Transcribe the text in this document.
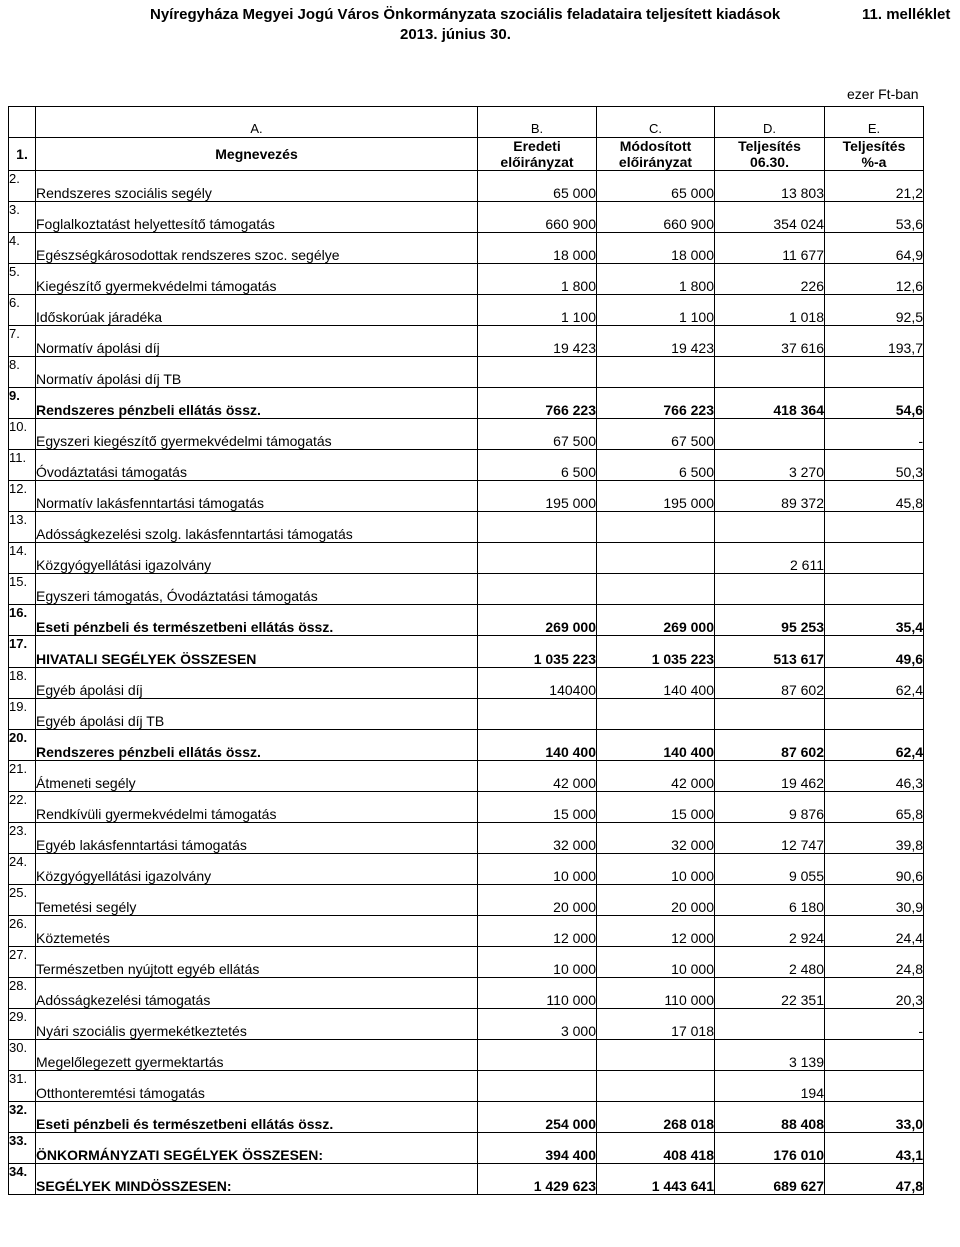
Nyíregyháza Megyei Jogú Város Önkormányzata szociális feladataira teljesített kiadások
2013. június 30.
11. melléklet
ezer Ft-ban
	A.	B.	C.	D.	E.
1.	Megnevezés	Eredeti előirányzat	Módosított előirányzat	Teljesítés 06.30.	Teljesítés %-a
2.	Rendszeres szociális segély	65 000	65 000	13 803	21,2
3.	Foglalkoztatást helyettesítő támogatás	660 900	660 900	354 024	53,6
4.	Egészségkárosodottak rendszeres szoc. segélye	18 000	18 000	11 677	64,9
5.	Kiegészítő gyermekvédelmi támogatás	1 800	1 800	226	12,6
6.	Időskorúak járadéka	1 100	1 100	1 018	92,5
7.	Normatív ápolási díj	19 423	19 423	37 616	193,7
8.	Normatív ápolási díj TB				
9.	Rendszeres pénzbeli ellátás össz.	766 223	766 223	418 364	54,6
10.	Egyszeri kiegészítő gyermekvédelmi támogatás	67 500	67 500		-
11.	Óvodáztatási támogatás	6 500	6 500	3 270	50,3
12.	Normatív lakásfenntartási támogatás	195 000	195 000	89 372	45,8
13.	Adósságkezelési szolg. lakásfenntartási támogatás				
14.	Közgyógyellátási igazolvány			2 611	
15.	Egyszeri támogatás, Óvodáztatási támogatás				
16.	Eseti pénzbeli és természetbeni ellátás össz.	269 000	269 000	95 253	35,4
17.	HIVATALI SEGÉLYEK ÖSSZESEN	1 035 223	1 035 223	513 617	49,6
18.	Egyéb ápolási díj	140400	140 400	87 602	62,4
19.	Egyéb ápolási díj TB				
20.	Rendszeres pénzbeli ellátás össz.	140 400	140 400	87 602	62,4
21.	Átmeneti segély	42 000	42 000	19 462	46,3
22.	Rendkívüli gyermekvédelmi támogatás	15 000	15 000	9 876	65,8
23.	Egyéb lakásfenntartási támogatás	32 000	32 000	12 747	39,8
24.	Közgyógyellátási igazolvány	10 000	10 000	9 055	90,6
25.	Temetési segély	20 000	20 000	6 180	30,9
26.	Köztemetés	12 000	12 000	2 924	24,4
27.	Természetben nyújtott egyéb ellátás	10 000	10 000	2 480	24,8
28.	Adósságkezelési támogatás	110 000	110 000	22 351	20,3
29.	Nyári szociális gyermekétkeztetés	3 000	17 018		-
30.	Megelőlegezett gyermektartás			3 139	
31.	Otthonteremtési támogatás			194	
32.	Eseti pénzbeli és természetbeni ellátás össz.	254 000	268 018	88 408	33,0
33.	ÖNKORMÁNYZATI SEGÉLYEK ÖSSZESEN:	394 400	408 418	176 010	43,1
34.	SEGÉLYEK MINDÖSSZESEN:	1 429 623	1 443 641	689 627	47,8
